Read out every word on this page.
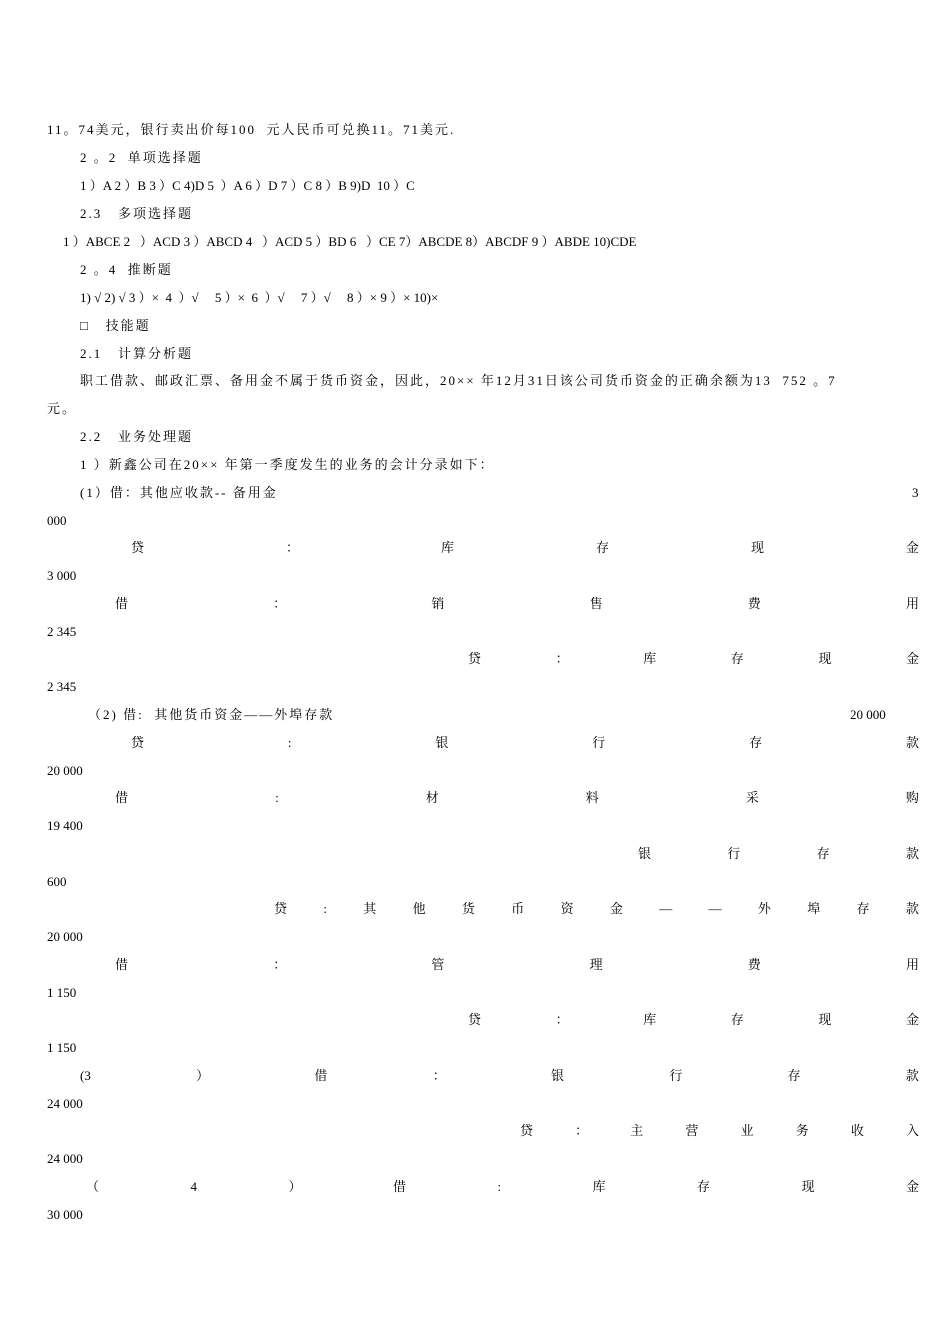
11。74美元，银行卖出价每100  元人民币可兑换11。71美元.
2 。2  单项选择题
1 ）A 2 ）B 3 ）C 4)D 5  ）A 6 ）D 7 ）C 8 ）B 9)D  10 ）C
2.3   多项选择题
1 ）ABCE 2   ）ACD 3 ）ABCD 4   ）ACD 5 ）BD 6   ）CE 7）ABCDE 8）ABCDF 9 ）ABDE 10)CDE
2 。4  推断题
1) √ 2) √ 3 ）×  4  ）√     5 ）×  6  ）√     7 ）√     8 ）× 9 ）× 10)×
□   技能题
2.1   计算分析题
职工借款、邮政汇票、备用金不属于货币资金，因此，20×× 年12月31日该公司货币资金的正确余额为13  752 。7
元。
2.2   业务处理题
1 ）新鑫公司在20×× 年第一季度发生的业务的会计分录如下：
(1）借：其他应收款-- 备用金	3
000
贷	：	库	存	现	金
3 000
借	：	销	售	费	用
2 345
贷	：	库	存	现	金
2 345
（2) 借:  其他货币资金——外埠存款	20 000
贷	:	银	行	存	款
20 000
借	:	材	料	采	购
19 400
银	行	存	款
600
贷	:	其	他	货	币	资	金	—	—	外	埠	存	款
20 000
借	：	管	理	费	用
1 150
贷	：	库	存	现	金
1 150
(3	）	借	：	银	行	存	款
24 000
贷	：	主	营	业	务	收	入
24 000
（	4	）	借	:	库	存	现	金
30 000
